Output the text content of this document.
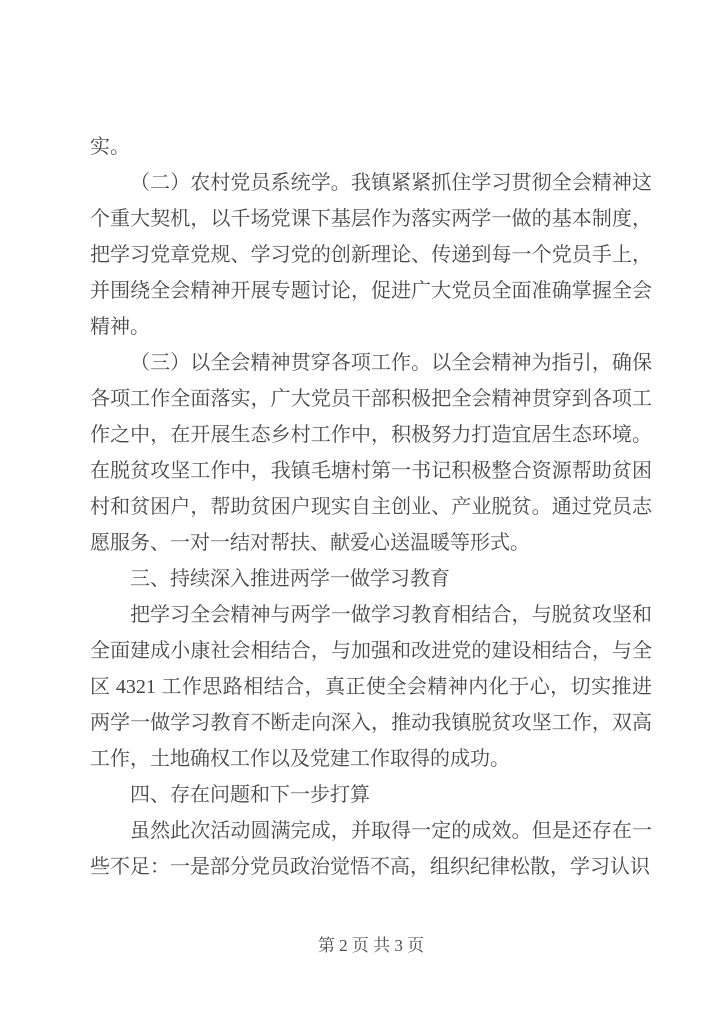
实。

（二）农村党员系统学。我镇紧紧抓住学习贯彻全会精神这个重大契机，以千场党课下基层作为落实两学一做的基本制度，把学习党章党规、学习党的创新理论、传递到每一个党员手上，并围绕全会精神开展专题讨论，促进广大党员全面准确掌握全会精神。

（三）以全会精神贯穿各项工作。以全会精神为指引，确保各项工作全面落实，广大党员干部积极把全会精神贯穿到各项工作之中，在开展生态乡村工作中，积极努力打造宜居生态环境。在脱贫攻坚工作中，我镇毛塘村第一书记积极整合资源帮助贫困村和贫困户，帮助贫困户现实自主创业、产业脱贫。通过党员志愿服务、一对一结对帮扶、献爱心送温暖等形式。

三、持续深入推进两学一做学习教育

把学习全会精神与两学一做学习教育相结合，与脱贫攻坚和全面建成小康社会相结合，与加强和改进党的建设相结合，与全区 4321 工作思路相结合，真正使全会精神内化于心，切实推进两学一做学习教育不断走向深入，推动我镇脱贫攻坚工作，双高工作，土地确权工作以及党建工作取得的成功。

四、存在问题和下一步打算

虽然此次活动圆满完成，并取得一定的成效。但是还存在一些不足：一是部分党员政治觉悟不高，组织纪律松散，学习认识

第 2 页 共 3 页
